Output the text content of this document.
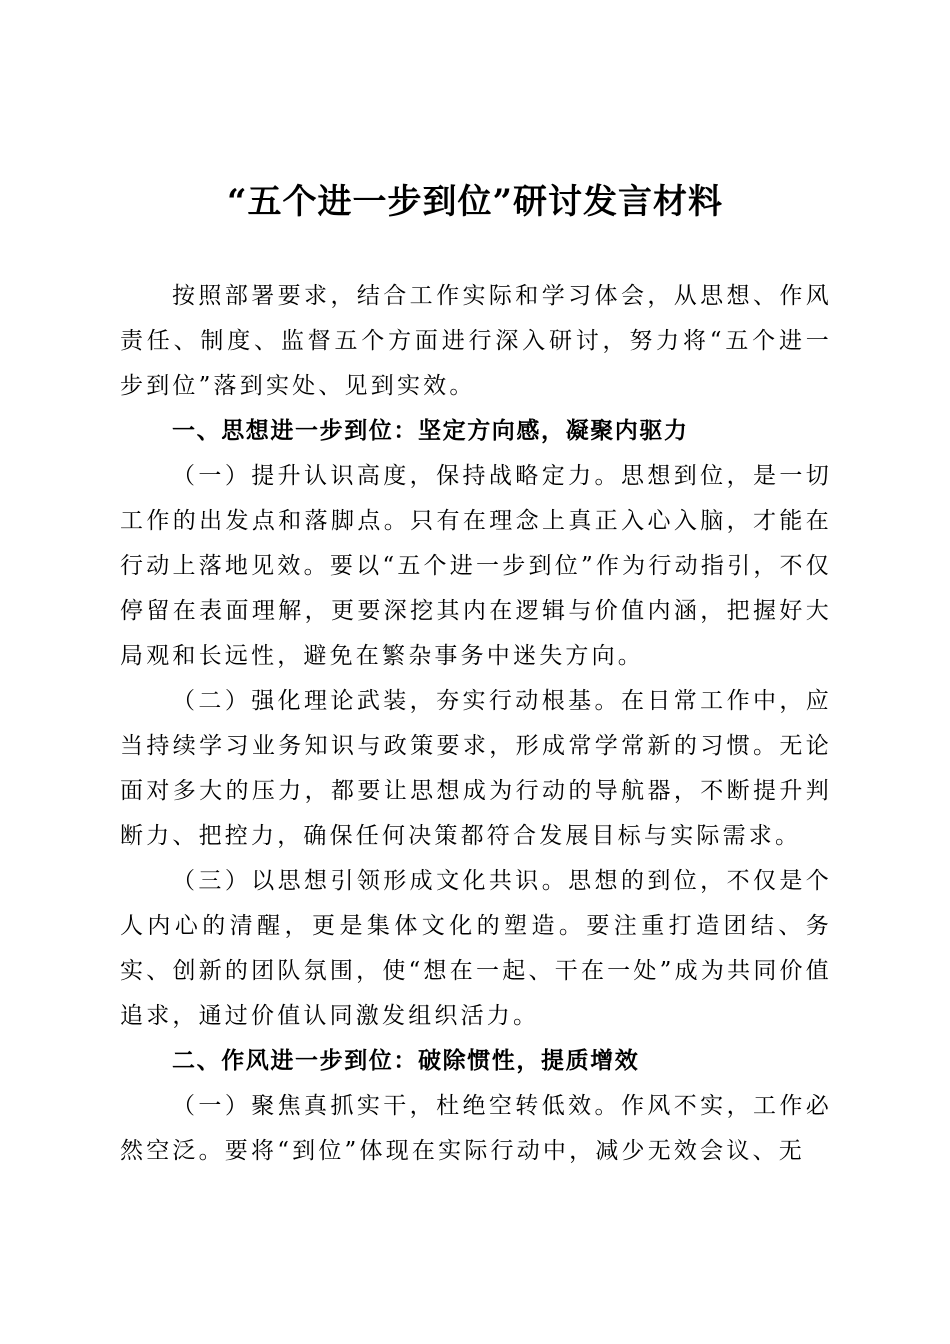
“五个进一步到位”研讨发言材料

按照部署要求，结合工作实际和学习体会，从思想、作风责任、制度、监督五个方面进行深入研讨，努力将“五个进一步到位”落到实处、见到实效。

一、思想进一步到位：坚定方向感，凝聚内驱力

（一）提升认识高度，保持战略定力。思想到位，是一切工作的出发点和落脚点。只有在理念上真正入心入脑，才能在行动上落地见效。要以“五个进一步到位”作为行动指引，不仅停留在表面理解，更要深挖其内在逻辑与价值内涵，把握好大局观和长远性，避免在繁杂事务中迷失方向。

（二）强化理论武装，夯实行动根基。在日常工作中，应当持续学习业务知识与政策要求，形成常学常新的习惯。无论面对多大的压力，都要让思想成为行动的导航器，不断提升判断力、把控力，确保任何决策都符合发展目标与实际需求。

（三）以思想引领形成文化共识。思想的到位，不仅是个人内心的清醒，更是集体文化的塑造。要注重打造团结、务实、创新的团队氛围，使“想在一起、干在一处”成为共同价值追求，通过价值认同激发组织活力。

二、作风进一步到位：破除惯性，提质增效

（一）聚焦真抓实干，杜绝空转低效。作风不实，工作必然空泛。要将“到位”体现在实际行动中，减少无效会议、无
